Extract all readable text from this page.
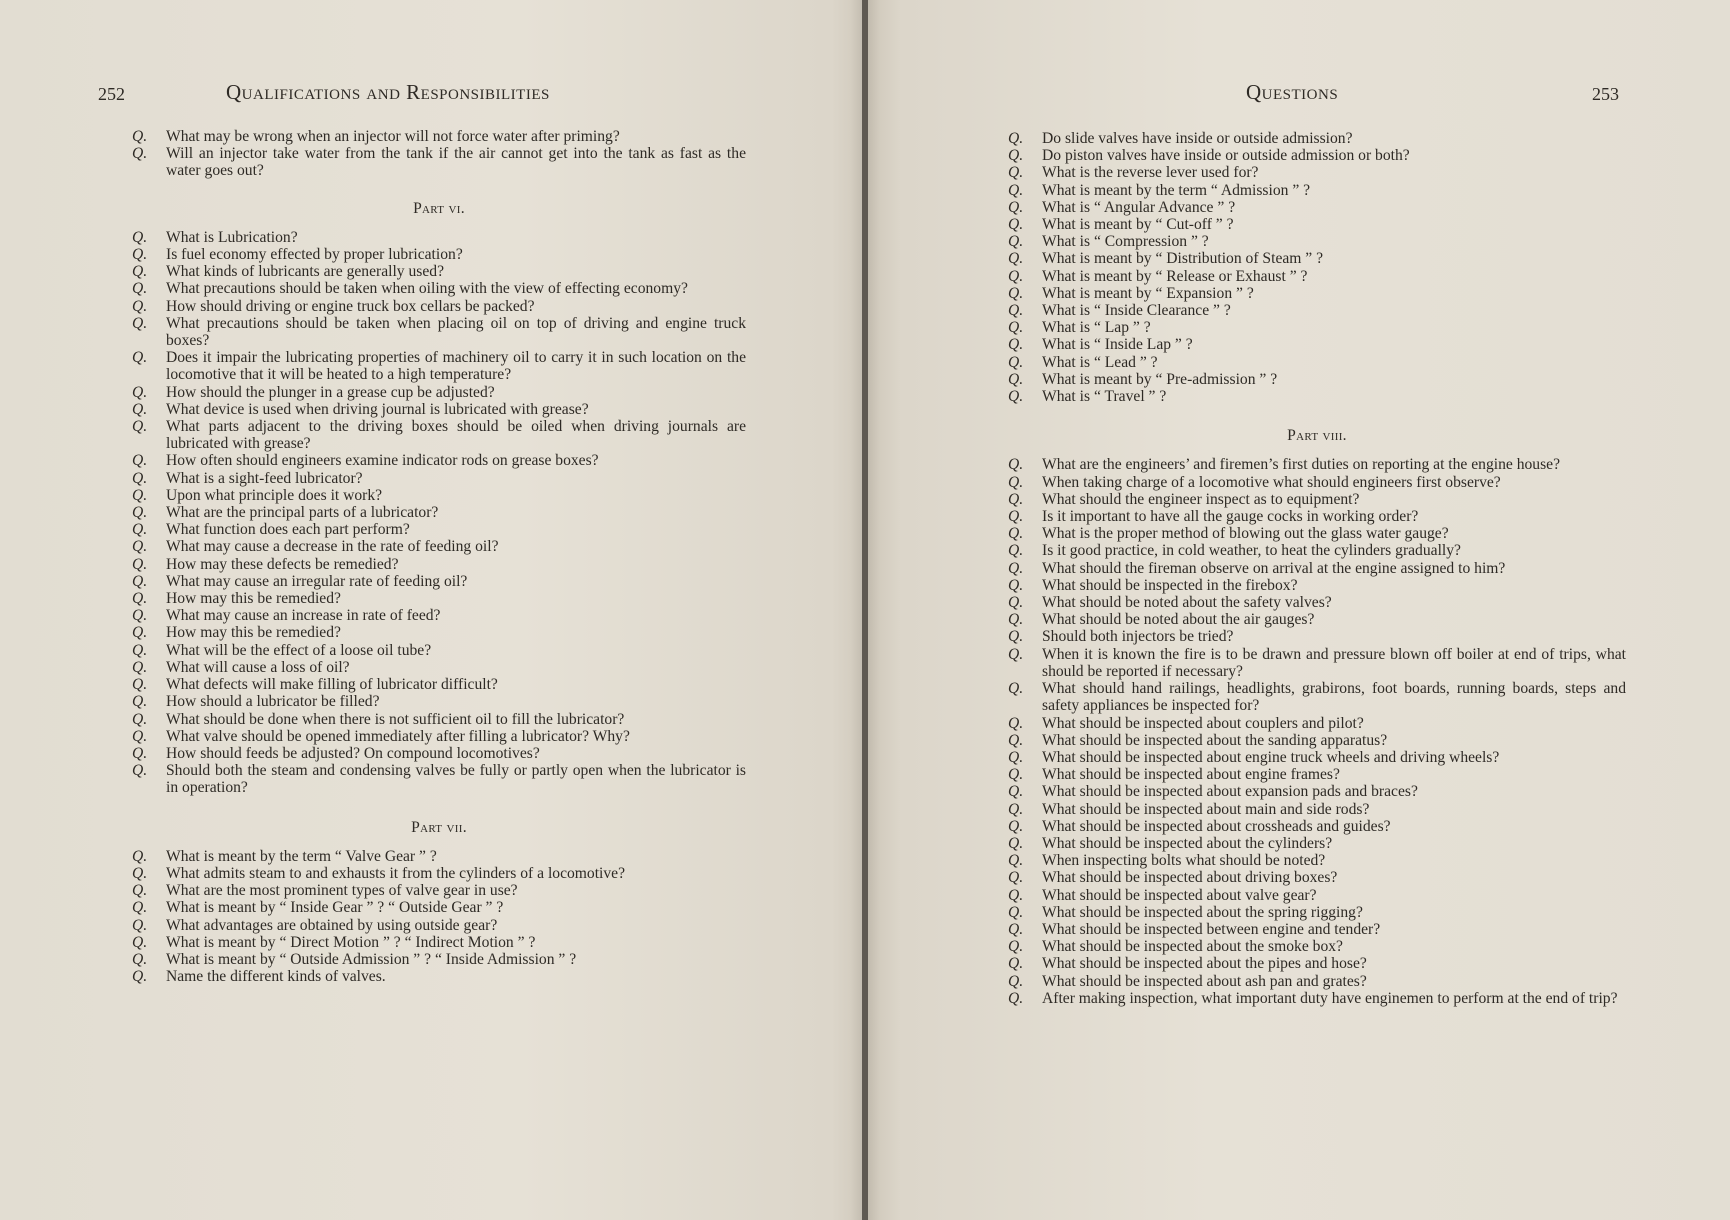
252	Qualifications and Responsibilities
Q.	What may be wrong when an injector will not force water after priming?
Q.	Will an injector take water from the tank if the air cannot get into the tank as fast as the water goes out?
Part vi.
Q.	What is Lubrication?
Q.	Is fuel economy effected by proper lubrication?
Q.	What kinds of lubricants are generally used?
Q.	What precautions should be taken when oiling with the view of effecting economy?
Q.	How should driving or engine truck box cellars be packed?
Q.	What precautions should be taken when placing oil on top of driving and engine truck boxes?
Q.	Does it impair the lubricating properties of machinery oil to carry it in such location on the locomotive that it will be heated to a high temperature?
Q.	How should the plunger in a grease cup be adjusted?
Q.	What device is used when driving journal is lubricated with grease?
Q.	What parts adjacent to the driving boxes should be oiled when driving journals are lubricated with grease?
Q.	How often should engineers examine indicator rods on grease boxes?
Q.	What is a sight-feed lubricator?
Q.	Upon what principle does it work?
Q.	What are the principal parts of a lubricator?
Q.	What function does each part perform?
Q.	What may cause a decrease in the rate of feeding oil?
Q.	How may these defects be remedied?
Q.	What may cause an irregular rate of feeding oil?
Q.	How may this be remedied?
Q.	What may cause an increase in rate of feed?
Q.	How may this be remedied?
Q.	What will be the effect of a loose oil tube?
Q.	What will cause a loss of oil?
Q.	What defects will make filling of lubricator difficult?
Q.	How should a lubricator be filled?
Q.	What should be done when there is not sufficient oil to fill the lubricator?
Q.	What valve should be opened immediately after filling a lubricator? Why?
Q.	How should feeds be adjusted? On compound locomotives?
Q.	Should both the steam and condensing valves be fully or partly open when the lubricator is in operation?
Part vii.
Q.	What is meant by the term “ Valve Gear ” ?
Q.	What admits steam to and exhausts it from the cylinders of a locomotive?
Q.	What are the most prominent types of valve gear in use?
Q.	What is meant by “ Inside Gear ” ? “ Outside Gear ” ?
Q.	What advantages are obtained by using outside gear?
Q.	What is meant by “ Direct Motion ” ? “ Indirect Motion ” ?
Q.	What is meant by “ Outside Admission ” ? “ Inside Admission ” ?
Q.	Name the different kinds of valves.
Questions	253
Q.	Do slide valves have inside or outside admission?
Q.	Do piston valves have inside or outside admission or both?
Q.	What is the reverse lever used for?
Q.	What is meant by the term “ Admission ” ?
Q.	What is “ Angular Advance ” ?
Q.	What is meant by “ Cut-off ” ?
Q.	What is “ Compression ” ?
Q.	What is meant by “ Distribution of Steam ” ?
Q.	What is meant by “ Release or Exhaust ” ?
Q.	What is meant by “ Expansion ” ?
Q.	What is “ Inside Clearance ” ?
Q.	What is “ Lap ” ?
Q.	What is “ Inside Lap ” ?
Q.	What is “ Lead ” ?
Q.	What is meant by “ Pre-admission ” ?
Q.	What is “ Travel ” ?
Part viii.
Q.	What are the engineers’ and firemen’s first duties on reporting at the engine house?
Q.	When taking charge of a locomotive what should engineers first observe?
Q.	What should the engineer inspect as to equipment?
Q.	Is it important to have all the gauge cocks in working order?
Q.	What is the proper method of blowing out the glass water gauge?
Q.	Is it good practice, in cold weather, to heat the cylinders gradually?
Q.	What should the fireman observe on arrival at the engine assigned to him?
Q.	What should be inspected in the firebox?
Q.	What should be noted about the safety valves?
Q.	What should be noted about the air gauges?
Q.	Should both injectors be tried?
Q.	When it is known the fire is to be drawn and pressure blown off boiler at end of trips, what should be reported if necessary?
Q.	What should hand railings, headlights, grabirons, foot boards, running boards, steps and safety appliances be inspected for?
Q.	What should be inspected about couplers and pilot?
Q.	What should be inspected about the sanding apparatus?
Q.	What should be inspected about engine truck wheels and driving wheels?
Q.	What should be inspected about engine frames?
Q.	What should be inspected about expansion pads and braces?
Q.	What should be inspected about main and side rods?
Q.	What should be inspected about crossheads and guides?
Q.	What should be inspected about the cylinders?
Q.	When inspecting bolts what should be noted?
Q.	What should be inspected about driving boxes?
Q.	What should be inspected about valve gear?
Q.	What should be inspected about the spring rigging?
Q.	What should be inspected between engine and tender?
Q.	What should be inspected about the smoke box?
Q.	What should be inspected about the pipes and hose?
Q.	What should be inspected about ash pan and grates?
Q.	After making inspection, what important duty have enginemen to perform at the end of trip?
